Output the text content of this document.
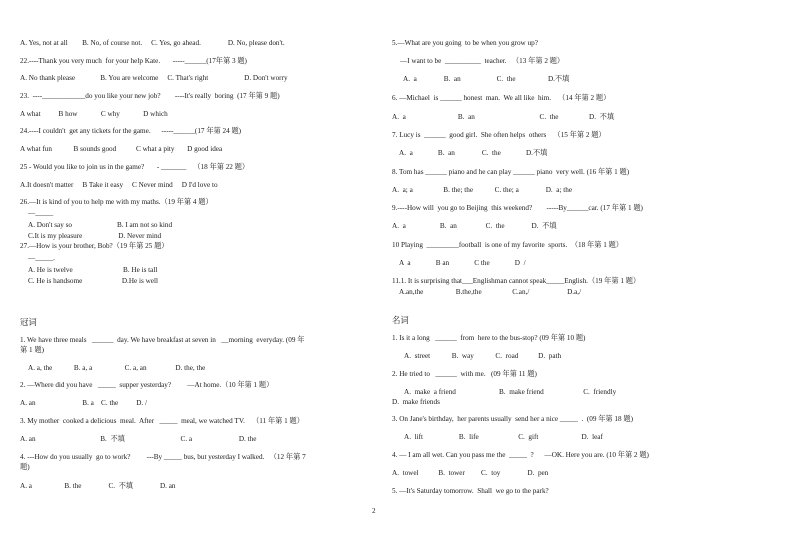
A. Yes, not at all        B. No, of course not.     C. Yes, go ahead.               D. No, please don't.
22.----Thank you very much  for your help Kate.       -----______(17年第 3 题)
A. No thank please              B. You are welcome     C. That's right                    D. Don't worry
23.  ----____________do you like your new job?        ----It's really  boring  (17 年第 9 题)
A what          B how             C why             D which
24.----I couldn't  get any tickets for the game.      -----______(17 年第 24 题)
A what fun            B sounds good           C what a pity       D good idea
25 - Would you like to join us in the game?       - _______    （18 年第 22 题）
A.It doesn't matter     B Take it easy     C Never mind     D I'd love to
26.—It is kind of you to help me with my maths.（19 年第 4 题）
—_____
A. Don't say so                         B. I am not so kind
C.It is my pleasure                    D. Never mind
27.—How is your brother, Bob?（19 年第 25 题）
—_____.
A. He is twelve                            B. He is tall
C. He is handsome                      D.He is well
冠词
1. We have three meals   ______  day. We have breakfast at seven in   __morning  everyday. (09 年
第 1 题)
A. a, the            B. a, a                  C. a, an                D. the, the
2. —Where did you have   _____  supper yesterday?         —At home.（10 年第 1 题）
A. an                          B. a    C. the          D. /
3. My mother  cooked a delicious  meal.  After   _____  meal, we watched TV.    （11 年第 1 题）
A. an                                    B.  不填                               C. a                          D. the
4. ---How do you usually  go to work?         ---By _____ bus, but yesterday I walked.   （12 年第 7
题)
A. a                  B. the               C.  不填               D. an
5.—What are you going  to be when you grow up?
—I want to be  __________  teacher.   （13 年第 2 题）
A.  a               B.  an                    C.  the                  D.不填
6. —Michael  is ______ honest  man.  We all like  him.    （14 年第 2 题）
A.  a                             B.  an                                    C.  the                 D.  不填
7. Lucy is  ______  good girl.  She often helps  others    （15 年第 2 题）
A.  a              B.  an               C.  the              D.不填
8. Tom has ______ piano and he can play ______ piano  very well. (16 年第 1 题)
A.  a; a                 B. the; the            C. the; a               D.  a; the
9.----How will  you go to Beijing  this weekend?        -----By______car. (17 年第 1 题)
A.  a                   B.  an                C.  the               D.  不填
10 Playing  _________football  is one of my favorite  sports.  （18 年第 1 题）
A  a              B an              C the              D  /
11.1. It is surprising that___Englishman cannot speak_____English.（19 年第 1 题）
A.an,the                  B.the,the                 C.an,/                     D.a,/
名词
1. Is it a long   ______  from  here to the bus-stop? (09 年第 10 题)
A.  street            B.  way            C.  road           D.  path
2. He tried to   ______  with me.   (09 年第 11 题)
A.  make  a friend                        B.  make friend                      C.  friendly
D.  make friends
3. On Jane's birthday,  her parents usually  send her a nice _____  .  (09 年第 18 题)
A.  lift                    B.  life                      C.  gift                        D.  leaf
4. — I am all wet. Can you pass me the  _____  ?      —OK. Here you are. (10 年第 2 题)
A.  towel           B.  tower         C.  toy               D.  pen
5. —It's Saturday tomorrow.  Shall  we go to the park?
2
